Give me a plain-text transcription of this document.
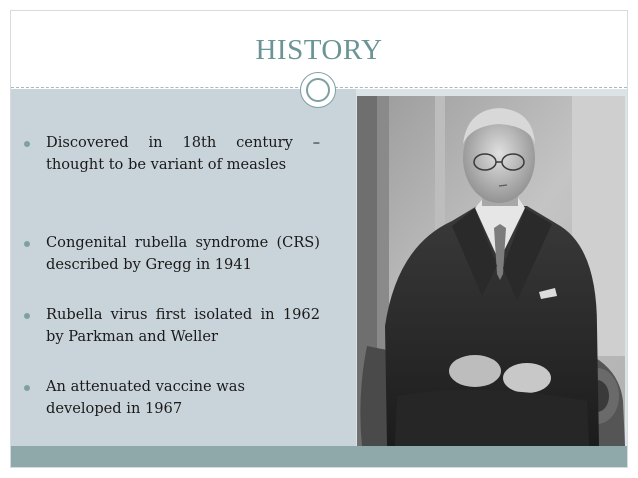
HISTORY
Discovered in 18th century – thought to be variant of measles
Congenital rubella syndrome (CRS) described by Gregg in 1941
Rubella virus first isolated in 1962 by Parkman and Weller
An attenuated vaccine was developed in 1967
